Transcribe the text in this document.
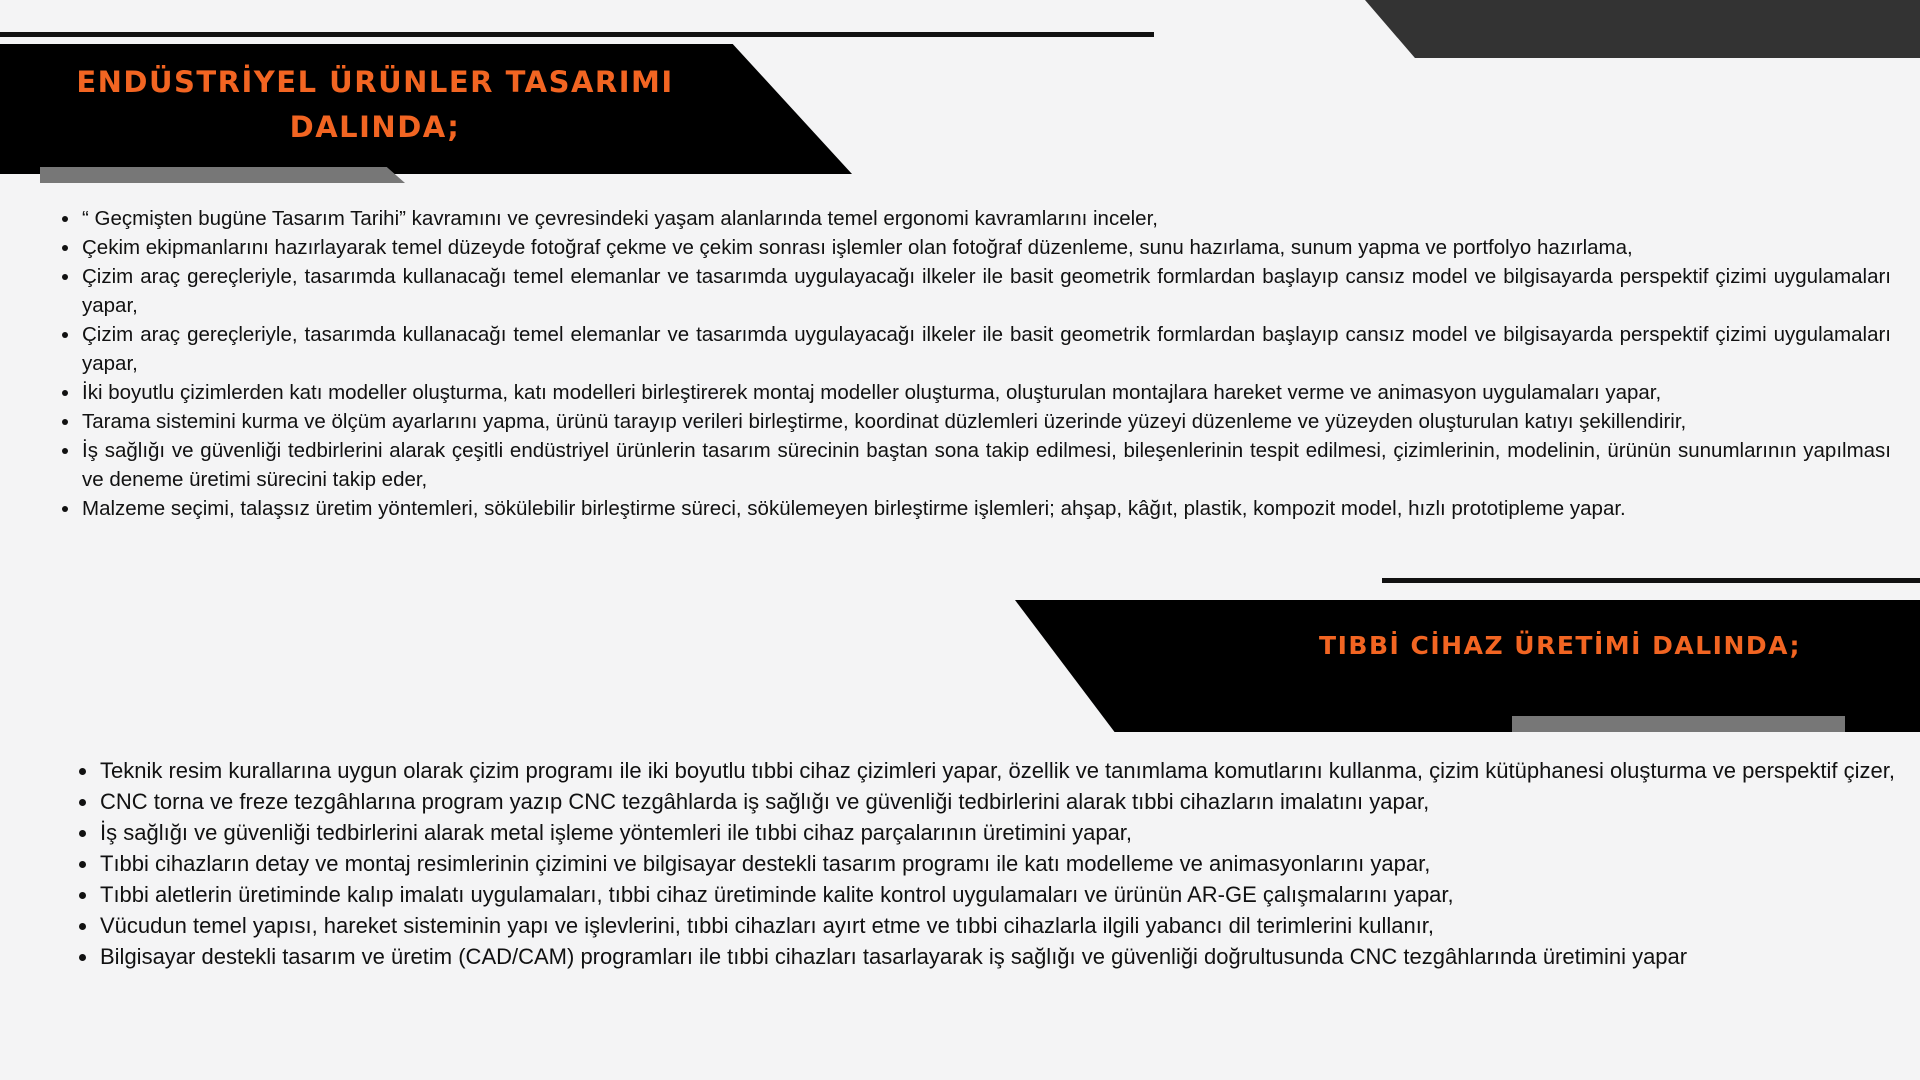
ENDÜSTRİYEL ÜRÜNLER TASARIMI
DALINDA;
• “ Geçmişten bugüne Tasarım Tarihi” kavramını ve çevresindeki yaşam alanlarında temel ergonomi kavramlarını inceler,
• Çekim ekipmanlarını hazırlayarak temel düzeyde fotoğraf çekme ve çekim sonrası işlemler olan fotoğraf düzenleme, sunu hazırlama, sunum yapma ve portfolyo hazırlama,
• Çizim araç gereçleriyle, tasarımda kullanacağı temel elemanlar ve tasarımda uygulayacağı ilkeler ile basit geometrik formlardan başlayıp cansız model ve bilgisayarda perspektif çizimi uygulamaları yapar,
• Çizim araç gereçleriyle, tasarımda kullanacağı temel elemanlar ve tasarımda uygulayacağı ilkeler ile basit geometrik formlardan başlayıp cansız model ve bilgisayarda perspektif çizimi uygulamaları yapar,
• İki boyutlu çizimlerden katı modeller oluşturma, katı modelleri birleştirerek montaj modeller oluşturma, oluşturulan montajlara hareket verme ve animasyon uygulamaları yapar,
• Tarama sistemini kurma ve ölçüm ayarlarını yapma, ürünü tarayıp verileri birleştirme, koordinat düzlemleri üzerinde yüzeyi düzenleme ve yüzeyden oluşturulan katıyı şekillendirir,
• İş sağlığı ve güvenliği tedbirlerini alarak çeşitli endüstriyel ürünlerin tasarım sürecinin baştan sona takip edilmesi, bileşenlerinin tespit edilmesi, çizimlerinin, modelinin, ürünün sunumlarının yapılması ve deneme üretimi sürecini takip eder,
• Malzeme seçimi, talaşsız üretim yöntemleri, sökülebilir birleştirme süreci, sökülemeyen birleştirme işlemleri; ahşap, kâğıt, plastik, kompozit model, hızlı prototipleme yapar.
TIBBİ CİHAZ ÜRETİMİ DALINDA;
• Teknik resim kurallarına uygun olarak çizim programı ile iki boyutlu tıbbi cihaz çizimleri yapar, özellik ve tanımlama komutlarını kullanma, çizim kütüphanesi oluşturma ve perspektif çizer,
• CNC torna ve freze tezgâhlarına program yazıp CNC tezgâhlarda iş sağlığı ve güvenliği tedbirlerini alarak tıbbi cihazların imalatını yapar,
• İş sağlığı ve güvenliği tedbirlerini alarak metal işleme yöntemleri ile tıbbi cihaz parçalarının üretimini yapar,
• Tıbbi cihazların detay ve montaj resimlerinin çizimini ve bilgisayar destekli tasarım programı ile katı modelleme ve animasyonlarını yapar,
• Tıbbi aletlerin üretiminde kalıp imalatı uygulamaları, tıbbi cihaz üretiminde kalite kontrol uygulamaları ve ürünün AR-GE çalışmalarını yapar,
• Vücudun temel yapısı, hareket sisteminin yapı ve işlevlerini, tıbbi cihazları ayırt etme ve tıbbi cihazlarla ilgili yabancı dil terimlerini kullanır,
• Bilgisayar destekli tasarım ve üretim (CAD/CAM) programları ile tıbbi cihazları tasarlayarak iş sağlığı ve güvenliği doğrultusunda CNC tezgâhlarında üretimini yapar
